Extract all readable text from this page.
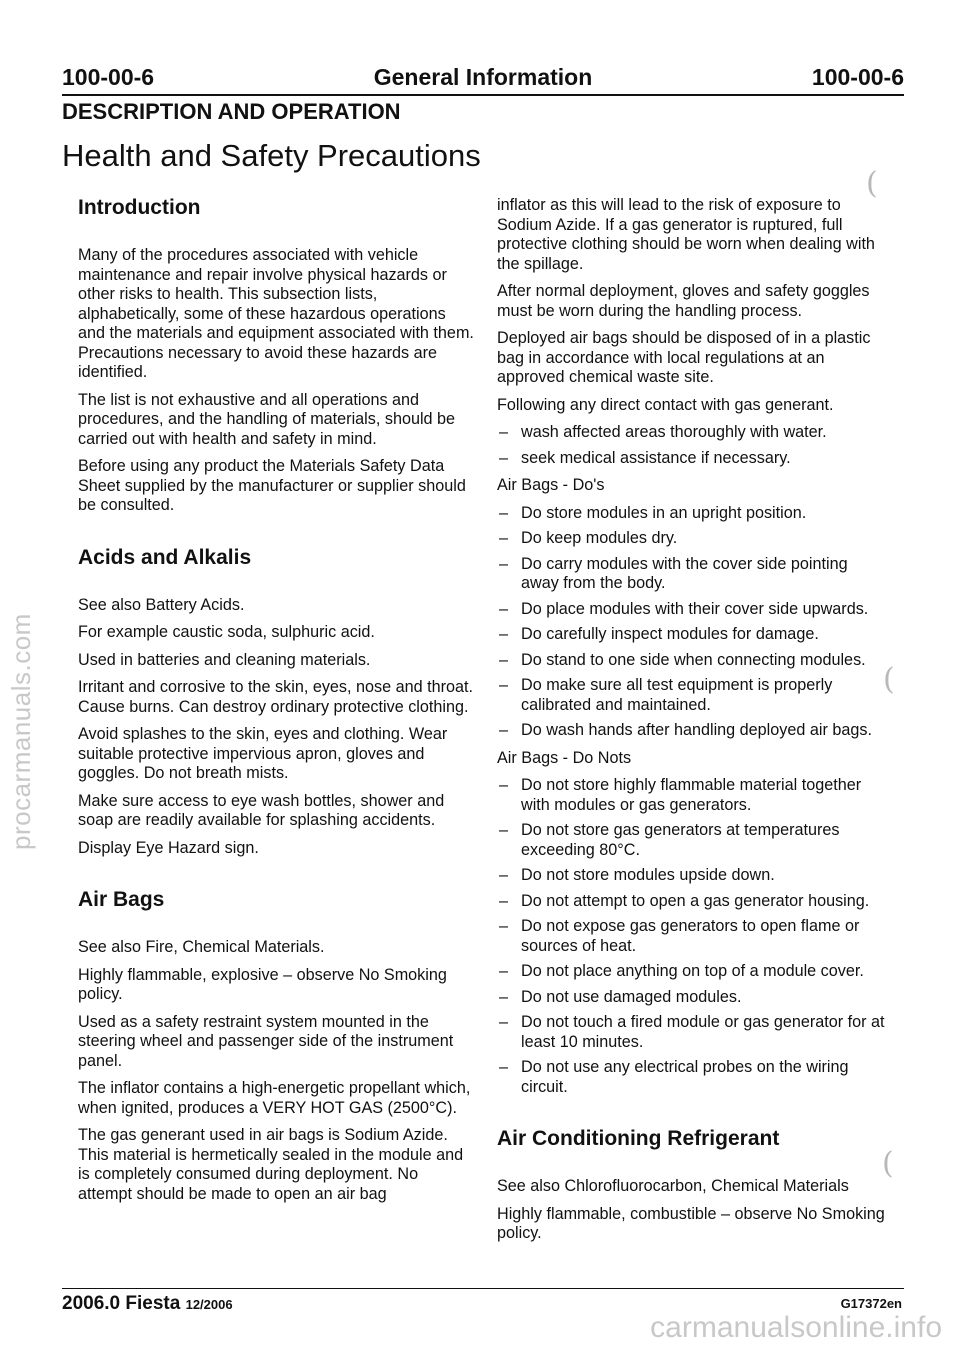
procarmanuals.com
carmanualsonline.info
General Information
100-00-6	100-00-6
DESCRIPTION AND OPERATION
Health and Safety Precautions
(
(
(
Introduction

Many of the procedures associated with vehicle maintenance and repair involve physical hazards or other risks to health. This subsection lists, alphabetically, some of these hazardous operations and the materials and equipment associated with them. Precautions necessary to avoid these hazards are identified.

The list is not exhaustive and all operations and procedures, and the handling of materials, should be carried out with health and safety in mind.

Before using any product the Materials Safety Data Sheet supplied by the manufacturer or supplier should be consulted.

Acids and Alkalis

See also Battery Acids.

For example caustic soda, sulphuric acid.

Used in batteries and cleaning materials.

Irritant and corrosive to the skin, eyes, nose and throat. Cause burns. Can destroy ordinary protective clothing.

Avoid splashes to the skin, eyes and clothing. Wear suitable protective impervious apron, gloves and goggles. Do not breath mists.

Make sure access to eye wash bottles, shower and soap are readily available for splashing accidents.

Display Eye Hazard sign.

Air Bags

See also Fire, Chemical Materials.

Highly flammable, explosive – observe No Smoking policy.

Used as a safety restraint system mounted in the steering wheel and passenger side of the instrument panel.

The inflator contains a high-energetic propellant which, when ignited, produces a VERY HOT GAS (2500°C).

The gas generant used in air bags is Sodium Azide. This material is hermetically sealed in the module and is completely consumed during deployment. No attempt should be made to open an air bag

inflator as this will lead to the risk of exposure to Sodium Azide. If a gas generator is ruptured, full protective clothing should be worn when dealing with the spillage.

After normal deployment, gloves and safety goggles must be worn during the handling process.

Deployed air bags should be disposed of in a plastic bag in accordance with local regulations at an approved chemical waste site.

Following any direct contact with gas generant.

– wash affected areas thoroughly with water.
– seek medical assistance if necessary.

Air Bags - Do's

– Do store modules in an upright position.
– Do keep modules dry.
– Do carry modules with the cover side pointing away from the body.
– Do place modules with their cover side upwards.
– Do carefully inspect modules for damage.
– Do stand to one side when connecting modules.
– Do make sure all test equipment is properly calibrated and maintained.
– Do wash hands after handling deployed air bags.

Air Bags - Do Nots

– Do not store highly flammable material together with modules or gas generators.
– Do not store gas generators at temperatures exceeding 80°C.
– Do not store modules upside down.
– Do not attempt to open a gas generator housing.
– Do not expose gas generators to open flame or sources of heat.
– Do not place anything on top of a module cover.
– Do not use damaged modules.
– Do not touch a fired module or gas generator for at least 10 minutes.
– Do not use any electrical probes on the wiring circuit.
Air Conditioning Refrigerant

See also Chlorofluorocarbon, Chemical Materials

Highly flammable, combustible – observe No Smoking policy.

2006.0 Fiesta 12/2006	G17372en
